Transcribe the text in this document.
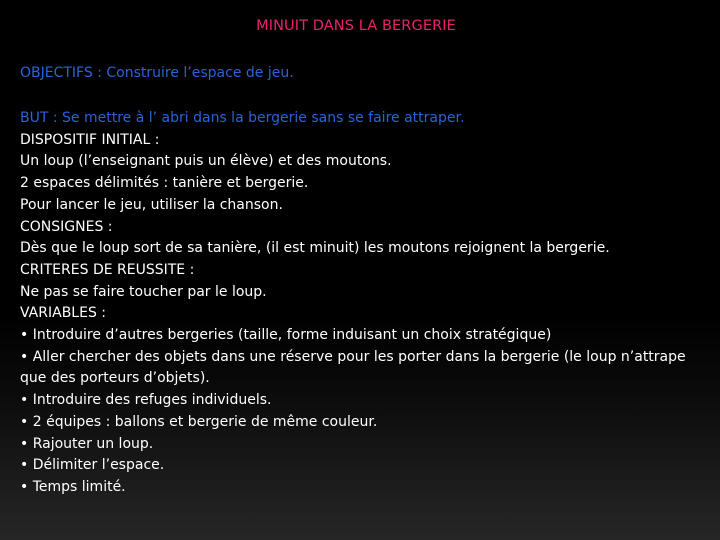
MINUIT DANS LA BERGERIE
OBJECTIFS : Construire l’espace de jeu.
BUT : Se mettre à l’ abri dans la bergerie sans se faire attraper.
DISPOSITIF INITIAL :
Un loup (l’enseignant puis un élève) et des moutons.
2 espaces délimités : tanière et bergerie.
Pour lancer le jeu, utiliser la chanson.
CONSIGNES :
Dès que le loup sort de sa tanière, (il est minuit) les moutons rejoignent la bergerie.
CRITERES DE REUSSITE :
Ne pas se faire toucher par le loup.
VARIABLES :
• Introduire d’autres bergeries (taille, forme induisant un choix stratégique)
• Aller chercher des objets dans une réserve pour les porter dans la bergerie (le loup n’attrape que des porteurs d’objets).
• Introduire des refuges individuels.
• 2 équipes : ballons et bergerie de même couleur.
• Rajouter un loup.
• Délimiter l’espace.
• Temps limité.
